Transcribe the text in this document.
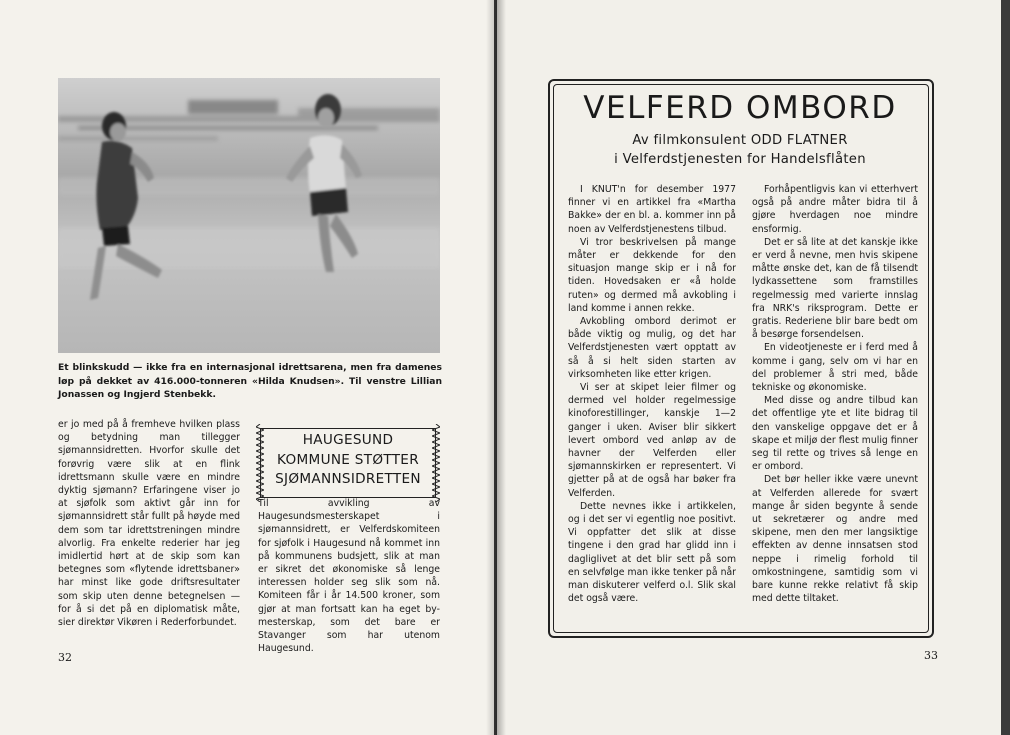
Et blinkskudd — ikke fra en internasjonal idrettsarena, men fra damenes løp på dekket av 416.000-tonneren «Hilda Knudsen». Til venstre Lillian Jonassen og Ingjerd Stenbekk.

er jo med på å fremheve hvilken plass og betydning man tillegger sjømannsidretten. Hvorfor skulle det forøvrig være slik at en flink idrettsmann skulle være en mindre dyktig sjømann? Erfaringene viser jo at sjøfolk som aktivt går inn for sjømannsidrett står fullt på høyde med dem som tar idrettstreningen mindre alvorlig. Fra enkelte rederier har jeg imidlertid hørt at de skip som kan betegnes som «flytende idrettsbaner» har minst like gode driftsresultater som skip uten denne betegnelsen — for å si det på en diplomatisk måte, sier direktør Vikøren i Rederforbundet.

HAUGESUND
KOMMUNE STØTTER
SJØMANNSIDRETTEN

Til avvikling av Haugesundsmesterskapet i sjømannsidrett, er Velferdskomiteen for sjøfolk i Haugesund nå kommet inn på kommunens budsjett, slik at man er sikret det økonomiske så lenge interessen holder seg slik som nå. Komiteen får i år 14.500 kroner, som gjør at man fortsatt kan ha eget by-mesterskap, som det bare er Stavanger som har utenom Haugesund.

32
VELFERD OMBORD

Av filmkonsulent ODD FLATNER

i Velferdstjenesten for Handelsflåten

I KNUT'n for desember 1977 finner vi en artikkel fra «Martha Bakke» der en bl. a. kommer inn på noen av Velferdstjenestens tilbud.

Vi tror beskrivelsen på mange måter er dekkende for den situasjon mange skip er i nå for tiden. Hovedsaken er «å holde ruten» og dermed må avkobling i land komme i annen rekke.

Avkobling ombord derimot er både viktig og mulig, og det har Velferdstjenesten vært opptatt av så å si helt siden starten av virksomheten like etter krigen.

Vi ser at skipet leier filmer og dermed vel holder regelmessige kinoforestillinger, kanskje 1—2 ganger i uken. Aviser blir sikkert levert ombord ved anløp av de havner der Velferden eller sjømannskirken er representert. Vi gjetter på at de også har bøker fra Velferden.

Dette nevnes ikke i artikkelen, og i det ser vi egentlig noe positivt. Vi oppfatter det slik at disse tingene i den grad har glidd inn i dagliglivet at det blir sett på som en selvfølge man ikke tenker på når man diskuterer velferd o.l. Slik skal det også være.

Forhåpentligvis kan vi etterhvert også på andre måter bidra til å gjøre hverdagen noe mindre ensformig.

Det er så lite at det kanskje ikke er verd å nevne, men hvis skipene måtte ønske det, kan de få tilsendt lydkassettene som framstilles regelmessig med varierte innslag fra NRK's riksprogram. Dette er gratis. Rederiene blir bare bedt om å besørge forsendelsen.

En videotjeneste er i ferd med å komme i gang, selv om vi har en del problemer å stri med, både tekniske og økonomiske.

Med disse og andre tilbud kan det offentlige yte et lite bidrag til den vanskelige oppgave det er å skape et miljø der flest mulig finner seg til rette og trives så lenge en er ombord.

Det bør heller ikke være unevnt at Velferden allerede for svært mange år siden begynte å sende ut sekretærer og andre med skipene, men den mer langsiktige effekten av denne innsatsen stod neppe i rimelig forhold til omkostningene, samtidig som vi bare kunne rekke relativt få skip med dette tiltaket.

33
